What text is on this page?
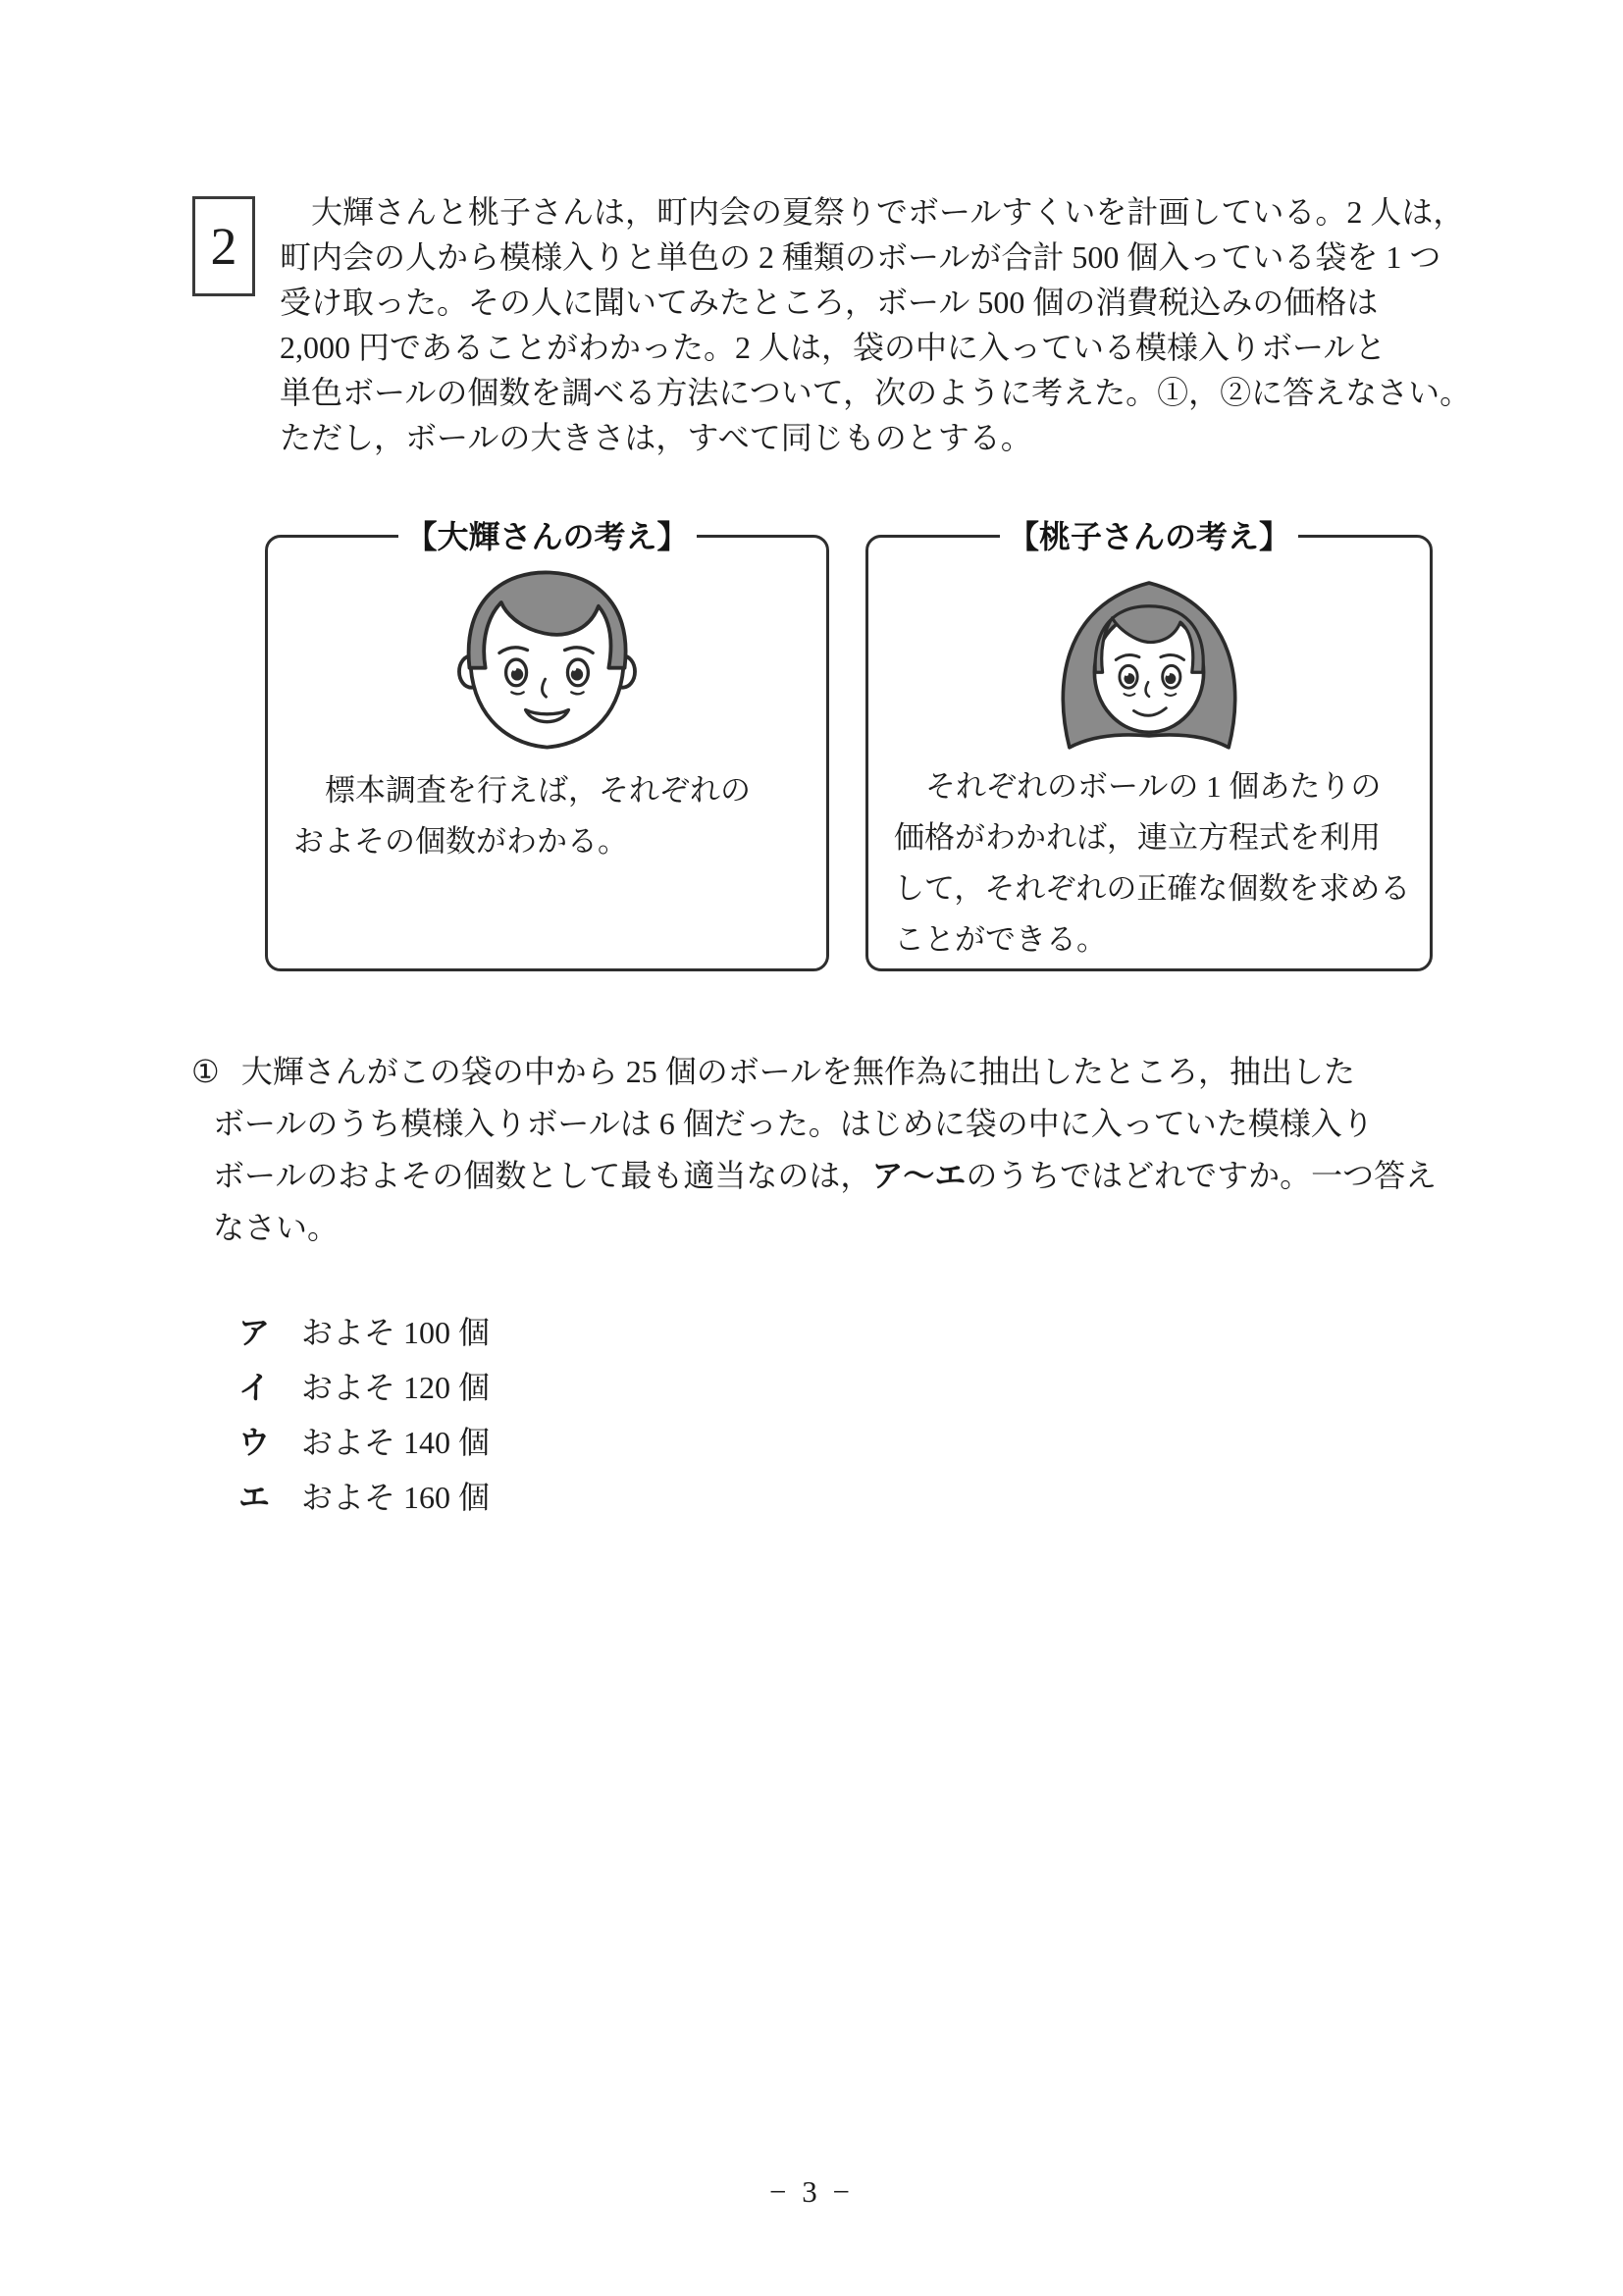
2
大輝さんと桃子さんは，町内会の夏祭りでボールすくいを計画している。2 人は，
町内会の人から模様入りと単色の 2 種類のボールが合計 500 個入っている袋を 1 つ
受け取った。その人に聞いてみたところ，ボール 500 個の消費税込みの価格は
2,000 円であることがわかった。2 人は，袋の中に入っている模様入りボールと
単色ボールの個数を調べる方法について，次のように考えた。①，②に答えなさい。
ただし，ボールの大きさは，すべて同じものとする。
【大輝さんの考え】
標本調査を行えば，それぞれの
およその個数がわかる。
【桃子さんの考え】
それぞれのボールの 1 個あたりの
価格がわかれば，連立方程式を利用
して，それぞれの正確な個数を求める
ことができる。
① 大輝さんがこの袋の中から 25 個のボールを無作為に抽出したところ，抽出した
ボールのうち模様入りボールは 6 個だった。はじめに袋の中に入っていた模様入り
ボールのおよその個数として最も適当なのは，ア～エのうちではどれですか。一つ答え
なさい。
ア およそ 100 個
イ およそ 120 個
ウ およそ 140 個
エ およそ 160 個
− 3 −
